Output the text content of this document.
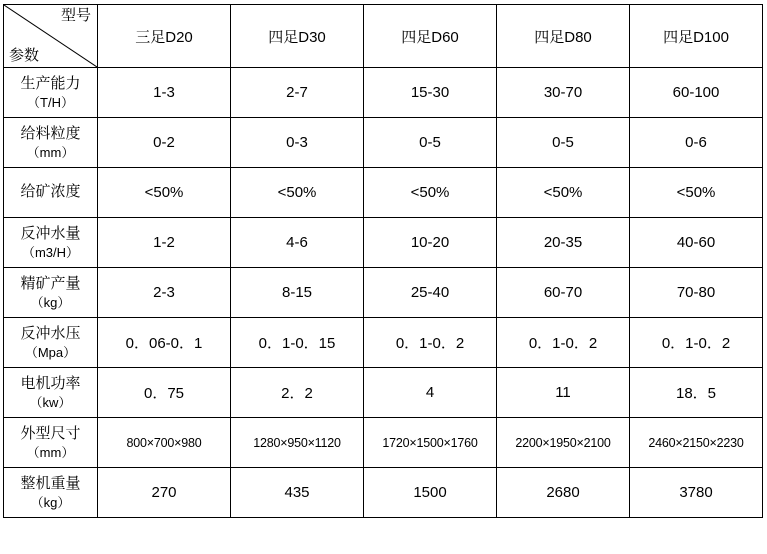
型号
参数	三足D20	四足D30	四足D60	四足D80	四足D100
生产能力
（T/H）	1-3	2-7	15-30	30-70	60-100
给料粒度
（mm）	0-2	0-3	0-5	0-5	0-6
给矿浓度	<50%	<50%	<50%	<50%	<50%
反冲水量
（m3/H）	1-2	4-6	10-20	20-35	40-60
精矿产量
（kg）	2-3	8-15	25-40	60-70	70-80
反冲水压
（Mpa）	0．06-0．1	0．1-0．15	0．1-0．2	0．1-0．2	0．1-0．2
电机功率
（kw）	0．75	2．2	4	11	18．5
外型尺寸
（mm）	800×700×980	1280×950×1120	1720×1500×1760	2200×1950×2100	2460×2150×2230
整机重量
（kg）	270	435	1500	2680	3780
